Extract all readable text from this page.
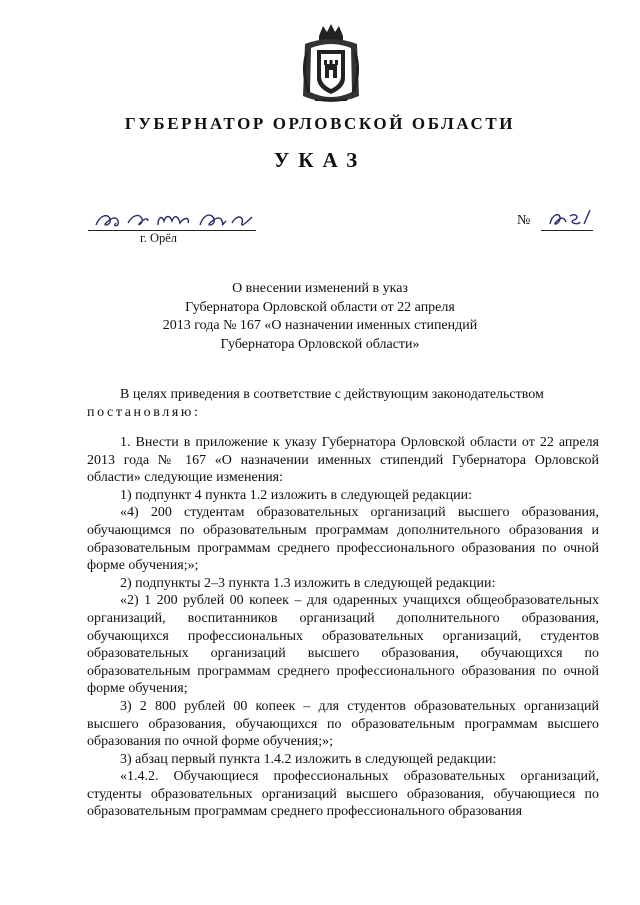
ГУБЕРНАТОР ОРЛОВСКОЙ ОБЛАСТИ
УКАЗ
г. Орёл
№
О внесении изменений в указ
Губернатора Орловской области от 22 апреля
2013 года № 167 «О назначении именных стипендий
Губернатора Орловской области»

В целях приведения в соответствие с действующим законодательством

постановляю:

1. Внести в приложение к указу Губернатора Орловской области от 22 апреля 2013 года № 167 «О назначении именных стипендий Губернатора Орловской области» следующие изменения:

1) подпункт 4 пункта 1.2 изложить в следующей редакции:

«4) 200 студентам образовательных организаций высшего образования, обучающимся по образовательным программам дополнительного образования и образовательным программам среднего профессионального образования по очной форме обучения;»;

2) подпункты 2–3 пункта 1.3 изложить в следующей редакции:

«2) 1 200 рублей 00 копеек – для одаренных учащихся общеобразовательных организаций, воспитанников организаций дополнительного образования, обучающихся профессиональных образовательных организаций, студентов образовательных организаций высшего образования, обучающихся по образовательным программам среднего профессионального образования по очной форме обучения;

3) 2 800 рублей 00 копеек – для студентов образовательных организаций высшего образования, обучающихся по образовательным программам высшего образования по очной форме обучения;»;

3) абзац первый пункта 1.4.2 изложить в следующей редакции:

«1.4.2. Обучающиеся профессиональных образовательных организаций, студенты образовательных организаций высшего образования, обучающиеся по образовательным программам среднего профессионального образования
